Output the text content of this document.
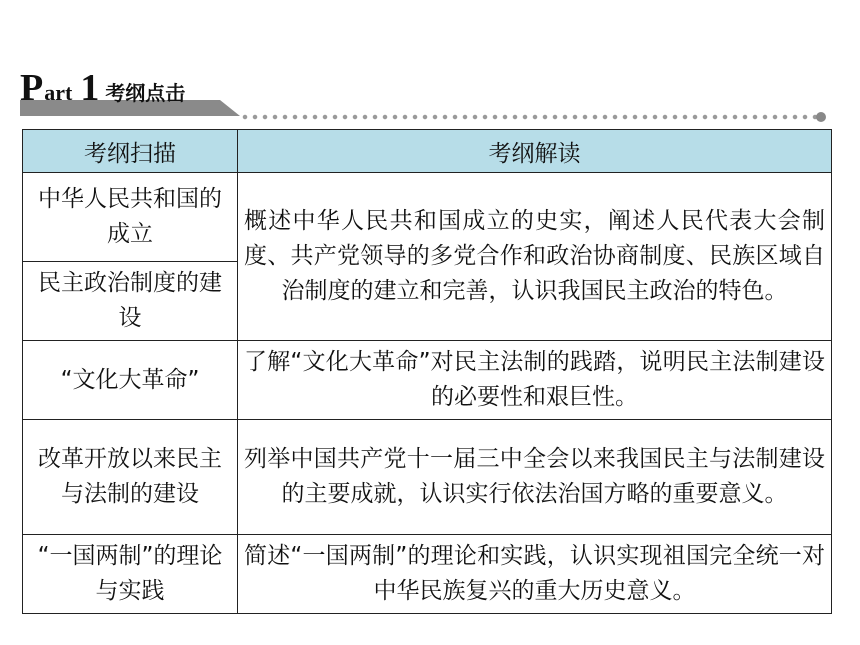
P art 1 考纲点击
考纲扫描	考纲解读
中华人民共和国的成立	概述中华人民共和国成立的史实，阐述人民代表大会制度、共产党领导的多党合作和政治协商制度、民族区域自治制度的建立和完善，认识我国民主政治的特色。
民主政治制度的建设	
“文化大革命”	了解“文化大革命”对民主法制的践踏，说明民主法制建设的必要性和艰巨性。
改革开放以来民主与法制的建设	列举中国共产党十一届三中全会以来我国民主与法制建设的主要成就，认识实行依法治国方略的重要意义。
“一国两制”的理论与实践	简述“一国两制”的理论和实践，认识实现祖国完全统一对中华民族复兴的重大历史意义。
